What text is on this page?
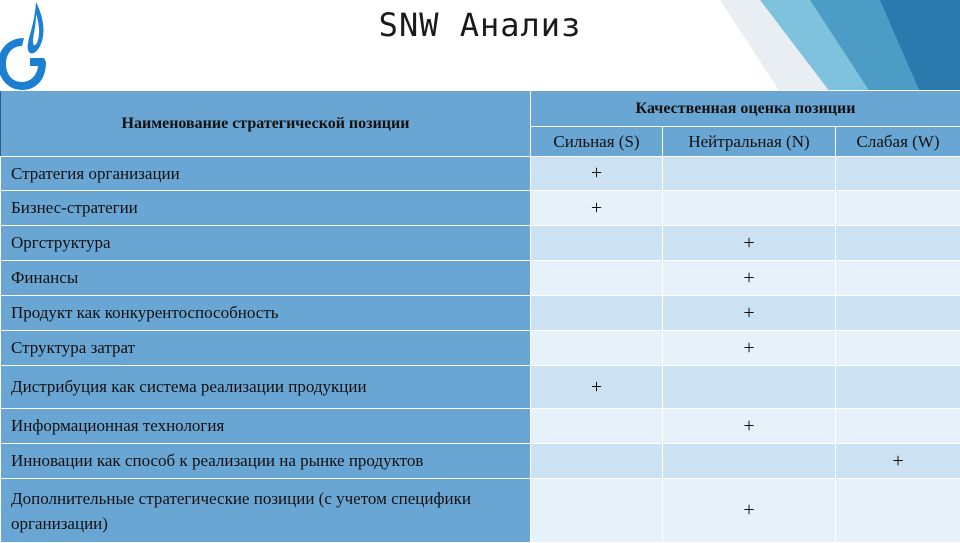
SNW Анализ
Наименование стратегической позиции	Качественная оценка позиции		
	Сильная (S)	Нейтральная (N)	Слабая (W)
Стратегия организации	+		
Бизнес-стратегии	+		
Оргструктура		+	
Финансы		+	
Продукт как конкурентоспособность		+	
Структура затрат		+	
Дистрибуция как система реализации продукции	+		
Информационная технология		+	
Инновации как способ к реализации на рынке продуктов			+
Дополнительные стратегические позиции (с учетом специфики организации)		+	
